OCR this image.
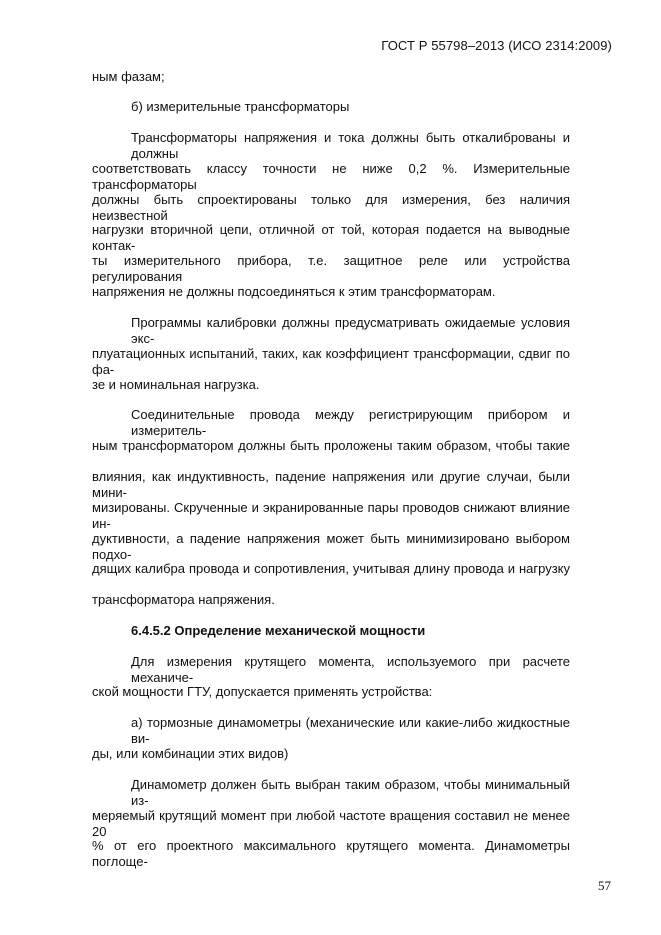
ГОСТ Р 55798–2013 (ИСО 2314:2009)
ным фазам;
б) измерительные трансформаторы
Трансформаторы напряжения и тока должны быть откалиброваны и должны
соответствовать классу точности не ниже 0,2 %. Измерительные трансформаторы
должны быть спроектированы только для измерения, без наличия неизвестной
нагрузки вторичной цепи, отличной от той, которая подается на выводные контак-
ты измерительного прибора, т.е. защитное реле или устройства регулирования
напряжения не должны подсоединяться к этим трансформаторам.
Программы калибровки должны предусматривать ожидаемые условия экс-
плуатационных испытаний, таких, как коэффициент трансформации, сдвиг по фа-
зе и номинальная нагрузка.
Соединительные провода между регистрирующим прибором и измеритель-
ным трансформатором должны быть проложены таким образом, чтобы такие
влияния, как индуктивность, падение напряжения или другие случаи, были мини-
мизированы. Скрученные и экранированные пары проводов снижают влияние ин-
дуктивности, а падение напряжения может быть минимизировано выбором подхо-
дящих калибра провода и сопротивления, учитывая длину провода и нагрузку
трансформатора напряжения.
6.4.5.2 Определение механической мощности
Для измерения крутящего момента, используемого при расчете механиче-
ской мощности ГТУ, допускается применять устройства:
а) тормозные динамометры (механические или какие-либо жидкостные ви-
ды, или комбинации этих видов)
Динамометр должен быть выбран таким образом, чтобы минимальный из-
меряемый крутящий момент при любой частоте вращения составил не менее 20
% от его проектного максимального крутящего момента. Динамометры поглоще-
57
